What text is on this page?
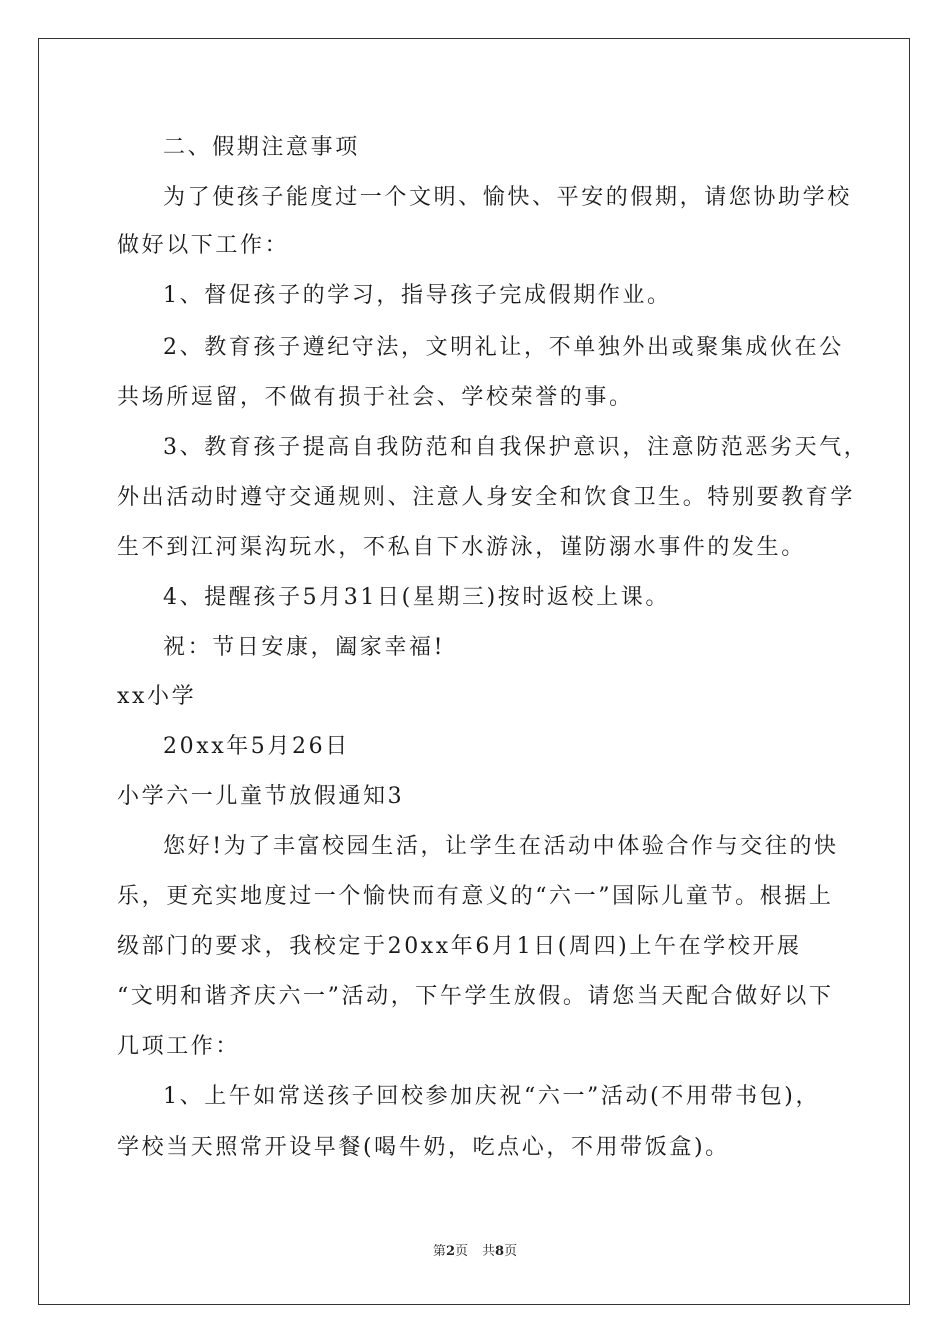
二、假期注意事项
为了使孩子能度过一个文明、愉快、平安的假期，请您协助学校
做好以下工作：
1、督促孩子的学习，指导孩子完成假期作业。
2、教育孩子遵纪守法，文明礼让，不单独外出或聚集成伙在公
共场所逗留，不做有损于社会、学校荣誉的事。
3、教育孩子提高自我防范和自我保护意识，注意防范恶劣天气，
外出活动时遵守交通规则、注意人身安全和饮食卫生。特别要教育学
生不到江河渠沟玩水，不私自下水游泳，谨防溺水事件的发生。
4、提醒孩子5月31日(星期三)按时返校上课。
祝：节日安康，阖家幸福!
xx小学
20xx年5月26日
小学六一儿童节放假通知3
您好!为了丰富校园生活，让学生在活动中体验合作与交往的快
乐，更充实地度过一个愉快而有意义的“六一”国际儿童节。根据上
级部门的要求，我校定于20xx年6月1日(周四)上午在学校开展
“文明和谐齐庆六一”活动，下午学生放假。请您当天配合做好以下
几项工作：
1、上午如常送孩子回校参加庆祝“六一”活动(不用带书包)，
学校当天照常开设早餐(喝牛奶，吃点心，不用带饭盒)。
第2页 共8页
